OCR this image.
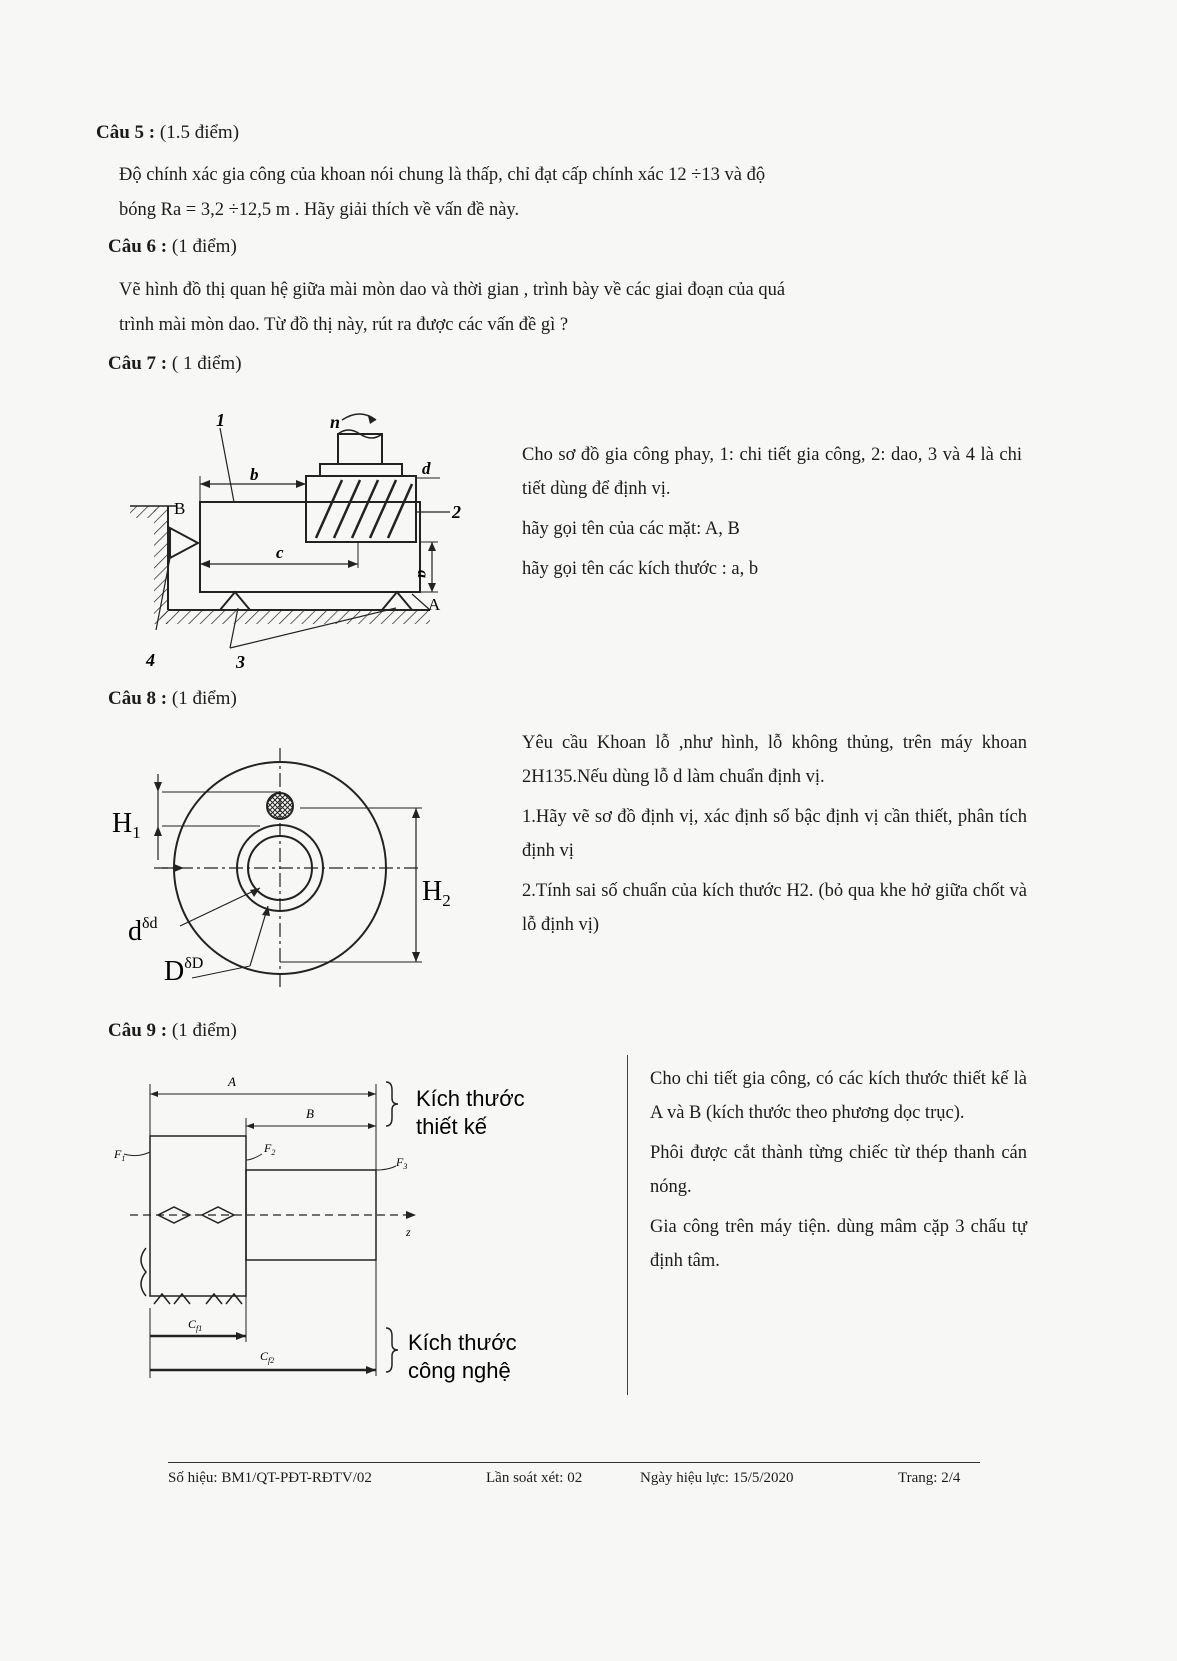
Câu 5 : (1.5 điểm)
Độ chính xác gia công của khoan nói chung là thấp, chỉ đạt cấp chính xác 12 ÷13 và độ
bóng Ra = 3,2 ÷12,5 m . Hãy giải thích về vấn đề này.
Câu 6 : (1 điểm)
Vẽ hình đồ thị quan hệ giữa mài mòn dao và thời gian , trình bày về các giai đoạn của quá
trình mài mòn dao. Từ đồ thị này, rút ra được các vấn đề gì ?
Câu 7 : ( 1 điểm)
1
2
3
4
n
A
B
b
c
d
a

Cho sơ đồ gia công phay, 1: chi tiết gia công, 2: dao, 3 và 4 là chi tiết dùng để định vị.

hãy gọi tên của các mặt: A, B

hãy gọi tên các kích thước : a, b

Câu 8 : (1 điểm)
$H_1$
$H_2$
$d^{\delta d}$
$D^{\delta D}$

Yêu cầu Khoan lỗ ,như hình, lỗ không thủng, trên máy khoan 2H135.Nếu dùng lỗ d làm chuẩn định vị.

1.Hãy vẽ sơ đồ định vị, xác định số bậc định vị cần thiết, phân tích định vị

2.Tính sai số chuẩn của kích thước H2. (bỏ qua khe hở giữa chốt và lỗ định vị)

Câu 9 : (1 điểm)
A
B
$F_1$
$F_2$
$F_3$
z
$C_{f1}$
$C_{f2}$
Kích thước
thiết kế
Kích thước
công nghệ

Cho chi tiết gia công, có các kích thước thiết kế là A và B (kích thước theo phương dọc trục).

Phôi được cắt thành từng chiếc từ thép thanh cán nóng.

Gia công trên máy tiện. dùng mâm cặp 3 chấu tự định tâm.

Số hiệu: BM1/QT-PĐT-RĐTV/02	Lần soát xét: 02	Ngày hiệu lực: 15/5/2020	Trang: 2/4
